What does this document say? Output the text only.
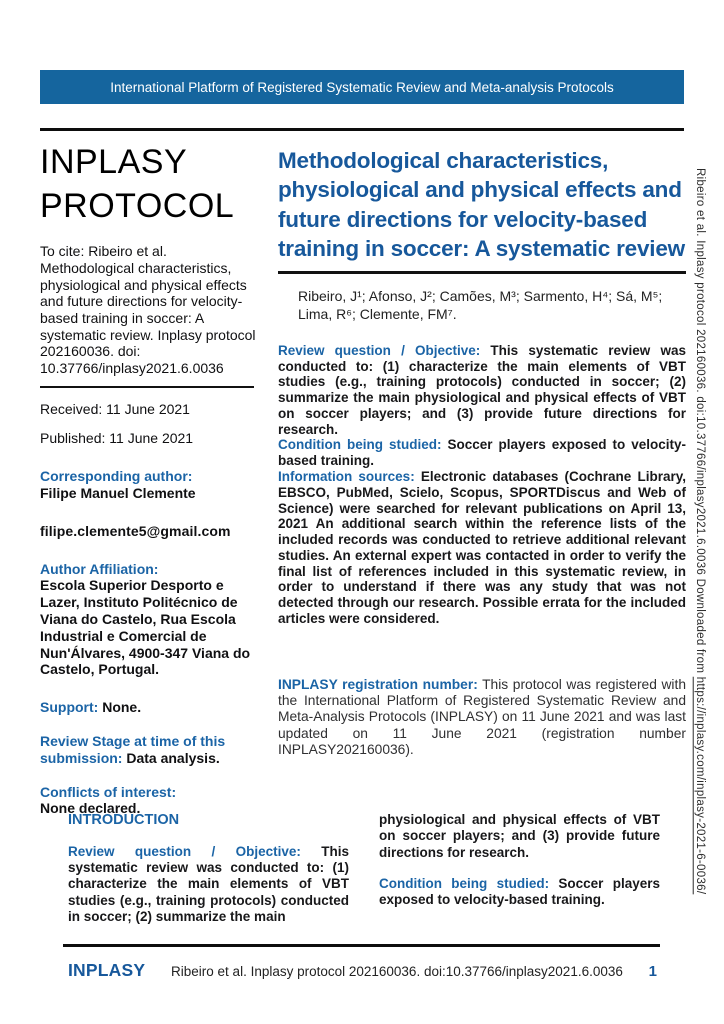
International Platform of Registered Systematic Review and Meta-analysis Protocols
INPLASY
PROTOCOL

To cite: Ribeiro et al. Methodological characteristics, physiological and physical effects and future directions for velocity-based training in soccer: A systematic review. Inplasy protocol 202160036. doi: 10.37766/inplasy2021.6.0036

Received: 11 June 2021

Published: 11 June 2021

Corresponding author:
Filipe Manuel Clemente

filipe.clemente5@gmail.com

Author Affiliation:
Escola Superior Desporto e Lazer, Instituto Politécnico de Viana do Castelo, Rua Escola Industrial e Comercial de Nun'Álvares, 4900-347 Viana do Castelo, Portugal.

Support: None.

Review Stage at time of this submission: Data analysis.

Conflicts of interest:
None declared.
Methodological characteristics, physiological and physical effects and future directions for velocity-based training in soccer: A systematic review

Ribeiro, J¹; Afonso, J²; Camões, M³; Sarmento, H⁴; Sá, M⁵; Lima, R⁶; Clemente, FM⁷.

Review question / Objective: This systematic review was conducted to: (1) characterize the main elements of VBT studies (e.g., training protocols) conducted in soccer; (2) summarize the main physiological and physical effects of VBT on soccer players; and (3) provide future directions for research.

Condition being studied: Soccer players exposed to velocity-based training.

Information sources: Electronic databases (Cochrane Library, EBSCO, PubMed, Scielo, Scopus, SPORTDiscus and Web of Science) were searched for relevant publications on April 13, 2021 An additional search within the reference lists of the included records was conducted to retrieve additional relevant studies. An external expert was contacted in order to verify the final list of references included in this systematic review, in order to understand if there was any study that was not detected through our research. Possible errata for the included articles were considered.

INPLASY registration number: This protocol was registered with the International Platform of Registered Systematic Review and Meta-Analysis Protocols (INPLASY) on 11 June 2021 and was last updated on 11 June 2021 (registration number INPLASY202160036).

INTRODUCTION

Review question / Objective: This systematic review was conducted to: (1) characterize the main elements of VBT studies (e.g., training protocols) conducted in soccer; (2) summarize the main

physiological and physical effects of VBT on soccer players; and (3) provide future directions for research.

Condition being studied: Soccer players exposed to velocity-based training.

INPLASY	Ribeiro et al. Inplasy protocol 202160036. doi:10.37766/inplasy2021.6.0036	1
Ribeiro et al. Inplasy protocol 202160036. doi:10.37766/inplasy2021.6.0036 Downloaded from https://inplasy.com/inplasy-2021-6-0036/
